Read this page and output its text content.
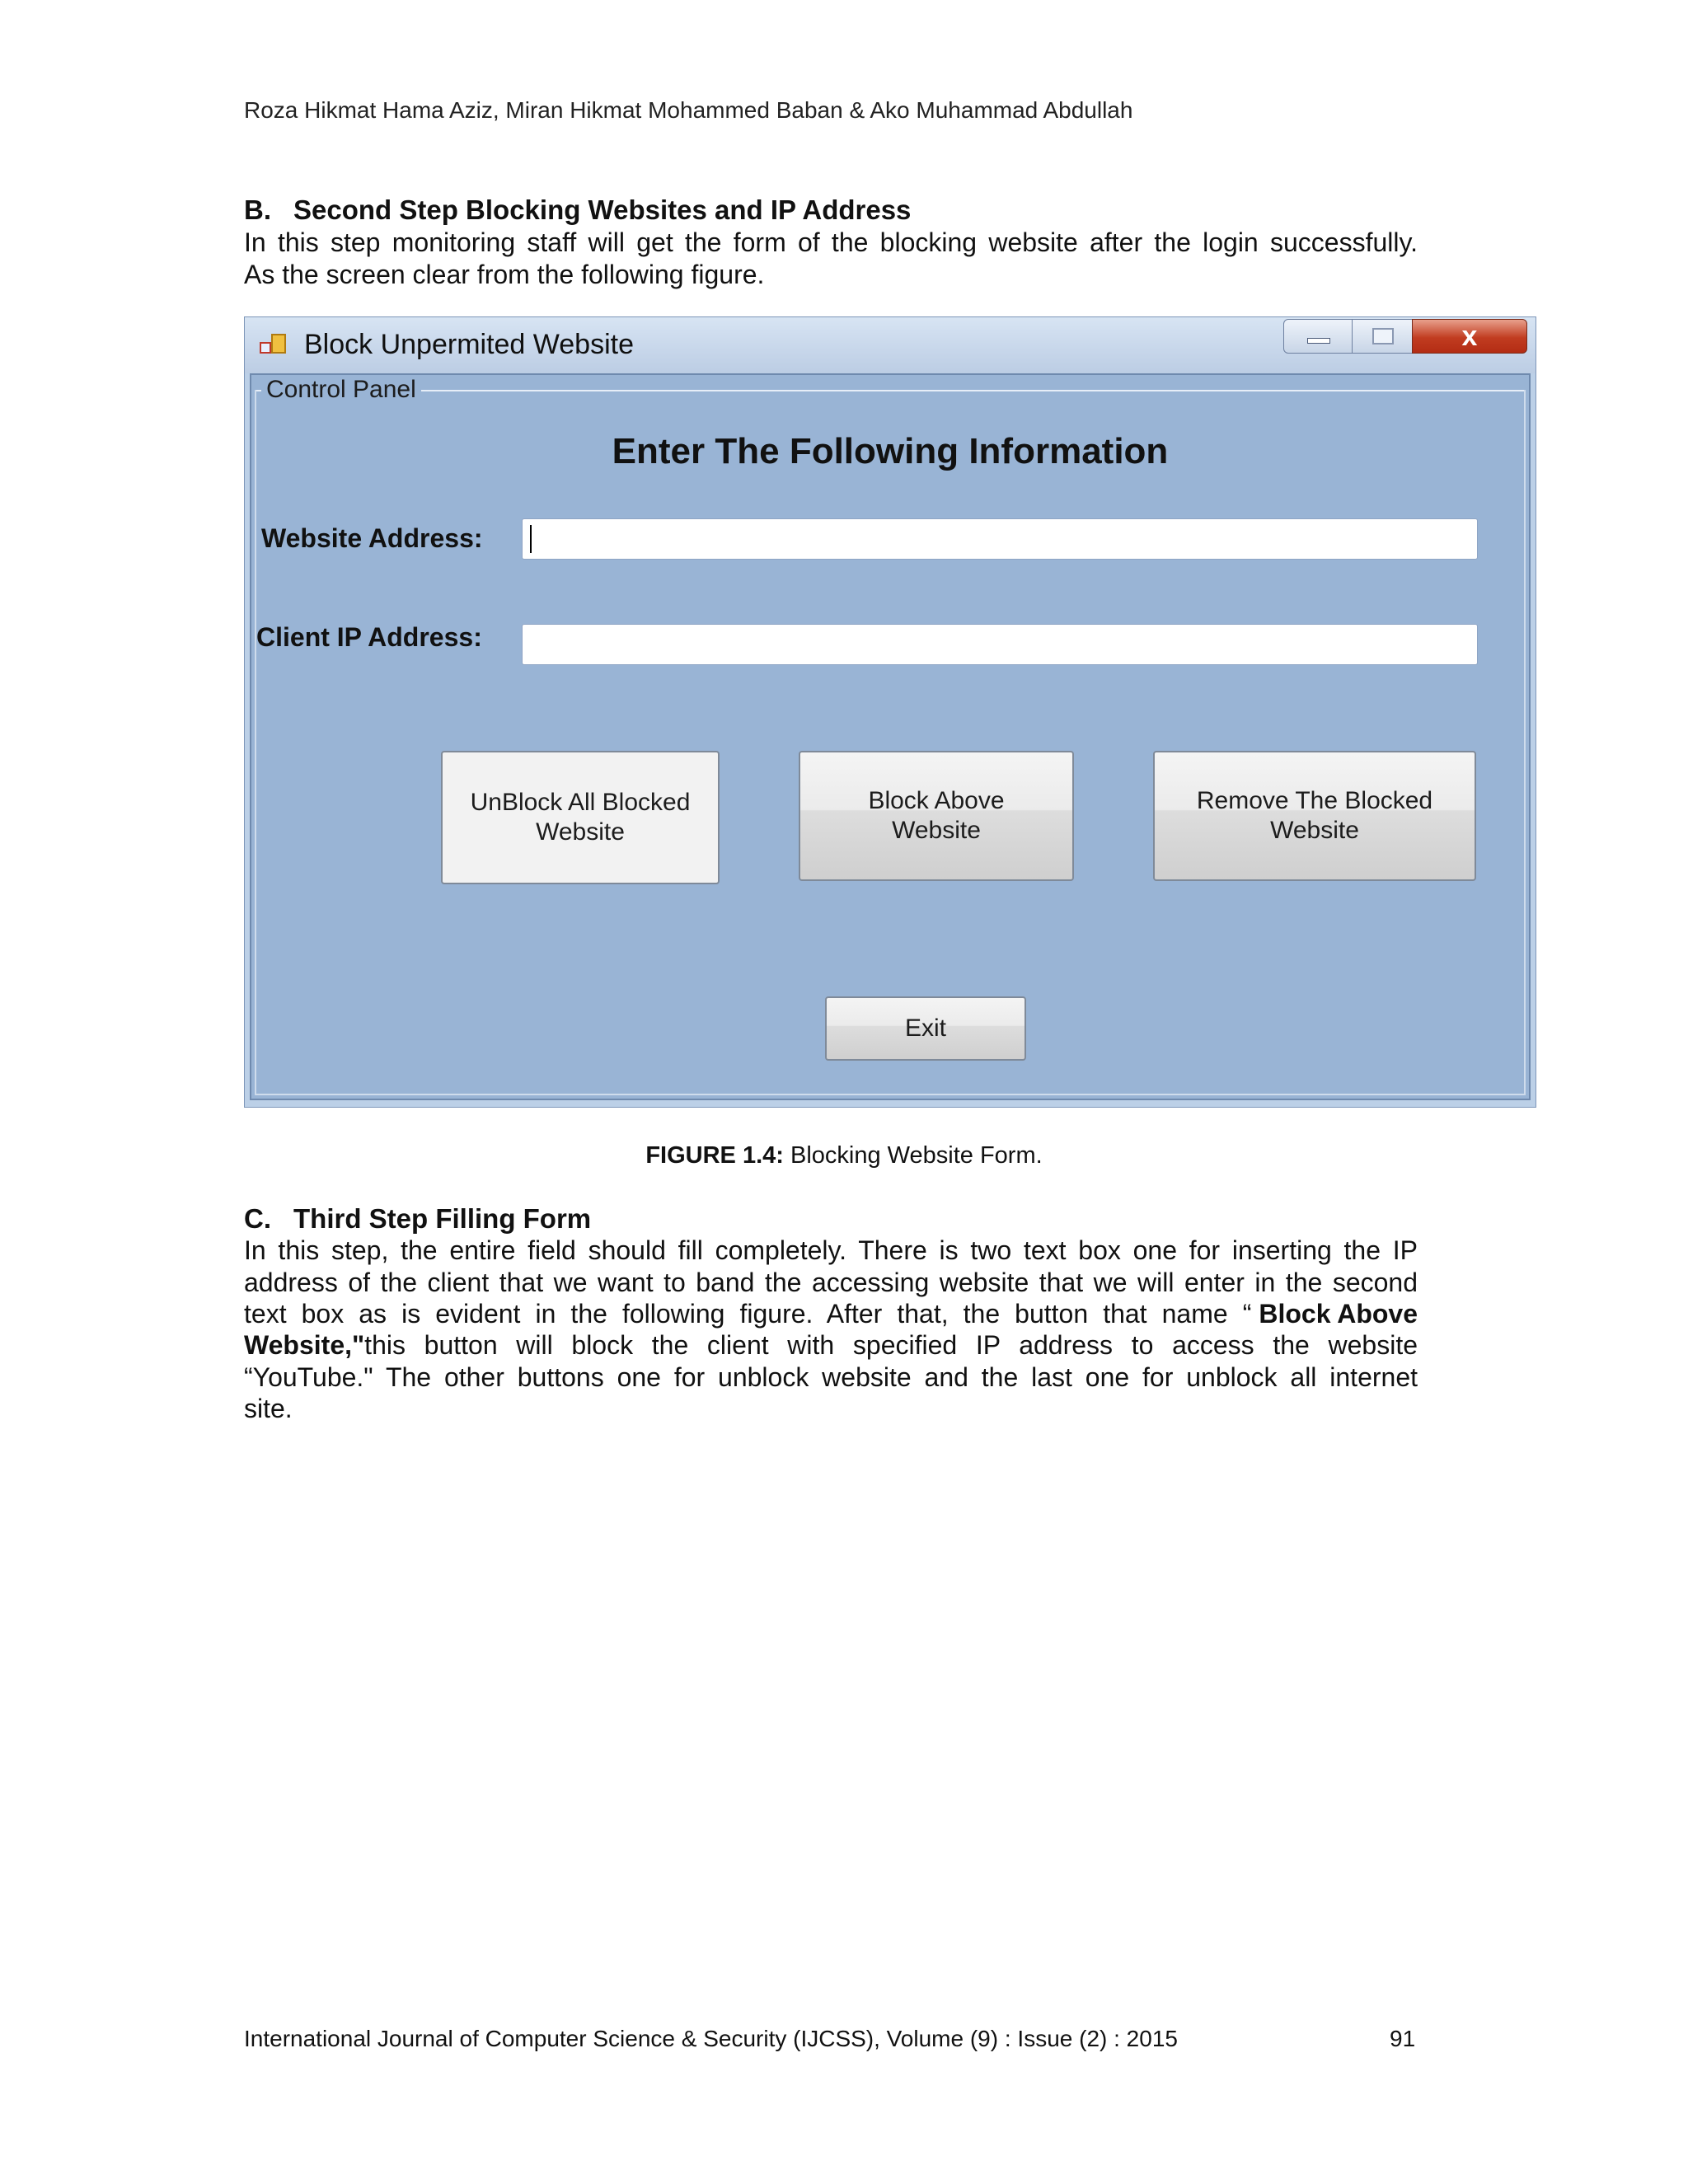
Roza Hikmat Hama Aziz, Miran Hikmat Mohammed Baban & Ako Muhammad Abdullah
B. Second Step Blocking Websites and IP Address
In this step monitoring staff will get the form of the blocking website after the login successfully.
As the screen clear from the following figure.
Block Unpermited Website	x
Control Panel
Enter The Following Information
Website Address:
Client IP Address:
UnBlock All Blocked
Website
Block Above
Website
Remove The Blocked
Website
Exit
FIGURE 1.4: Blocking Website Form.
C. Third Step Filling Form
In this step, the entire field should fill completely. There is two text box one for inserting the IP
address of the client that we want to band the accessing website that we will enter in the second
text box as is evident in the following figure. After that, the button that name “ Block Above
Website," this button will block the client with specified IP address to access the website
“YouTube." The other buttons one for unblock website and the last one for unblock all internet
site.
International Journal of Computer Science & Security (IJCSS), Volume (9) : Issue (2) : 2015	91
